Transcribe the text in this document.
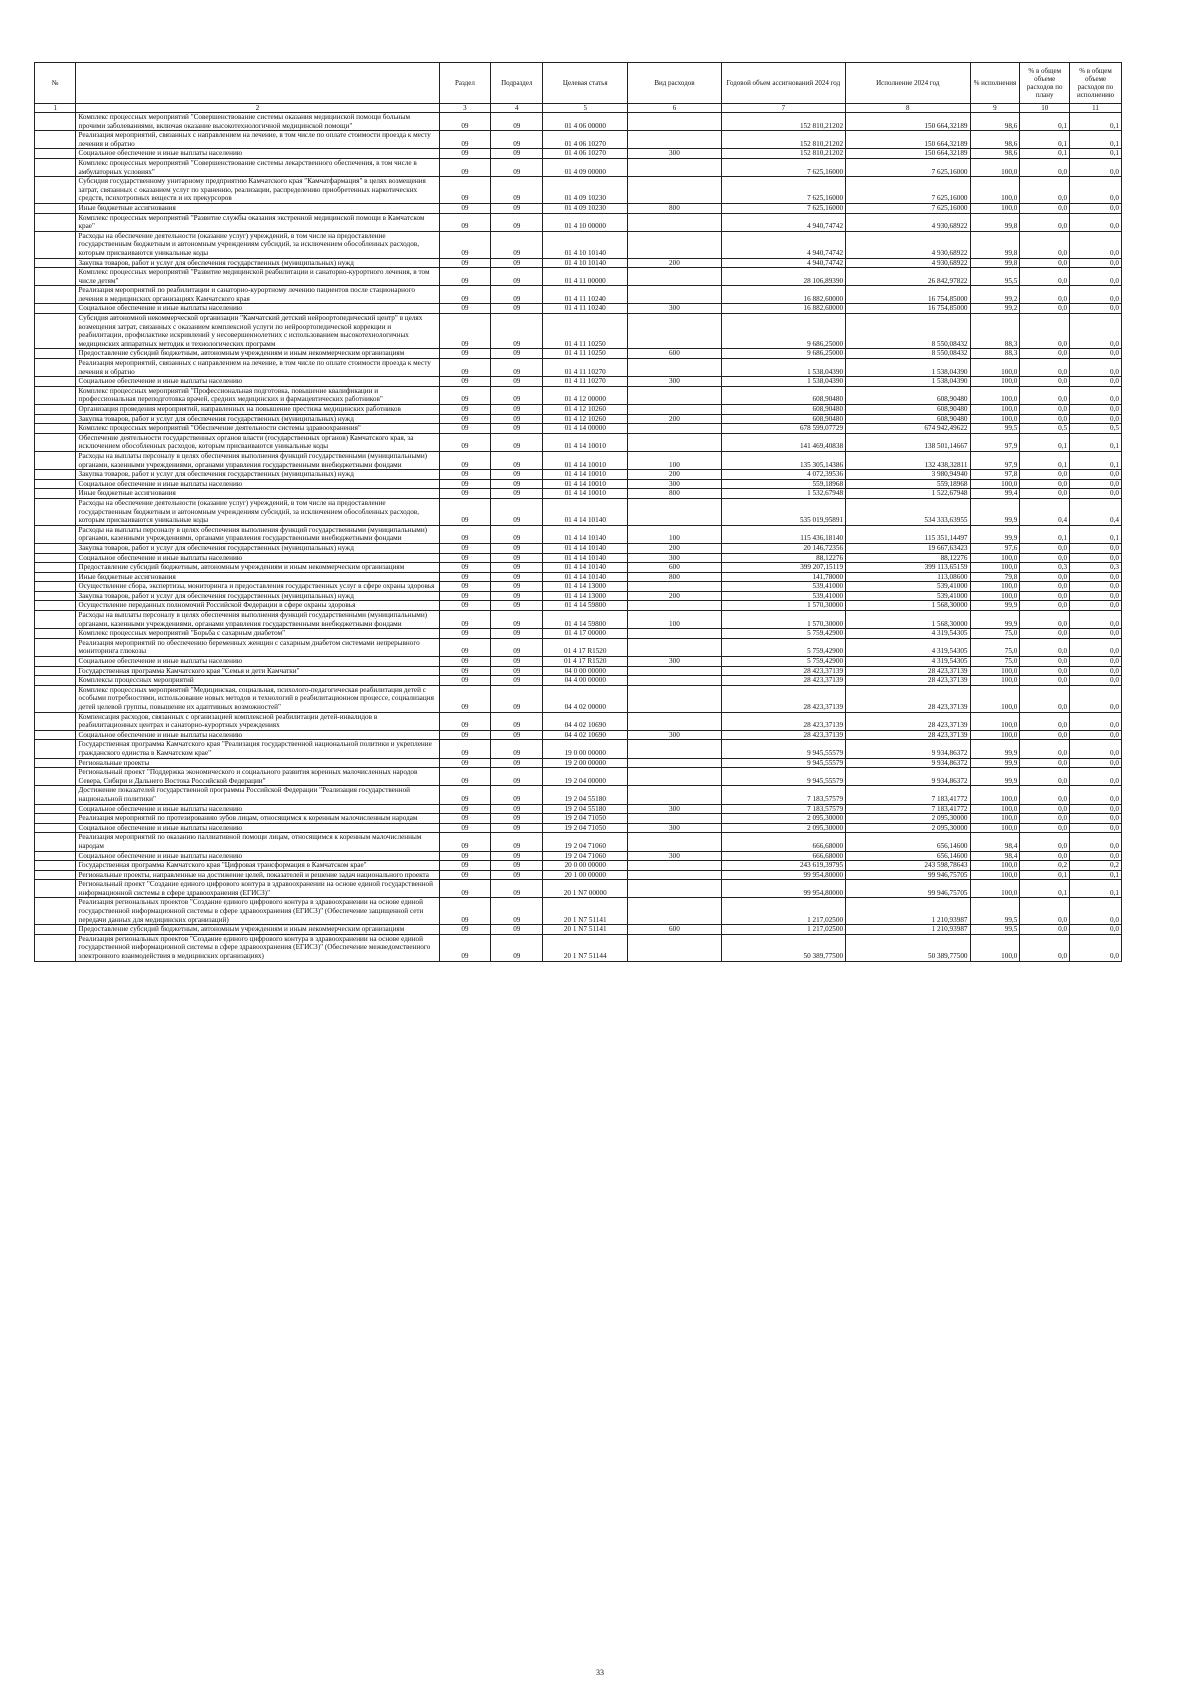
№		Раздел	Подраздел	Целевая статья	Вид расходов	Годовой объем ассигнований 2024 год	Исполнение 2024 год	% исполнения	% в общем объеме расходов по плану	% в общем объеме расходов по исполнению
1	2	3	4	5	6	7	8	9	10	11
	Комплекс процессных мероприятий "Совершенствование системы оказания медицинской помощи больным прочими заболеваниями, включая оказание высокотехнологичной медицинской помощи"	09	09	01 4 06 00000		152 810,21202	150 664,32189	98,6	0,1	0,1
	Реализация мероприятий, связанных с направлением на лечение, в том числе по оплате стоимости проезда к месту лечения и обратно	09	09	01 4 06 10270		152 810,21202	150 664,32189	98,6	0,1	0,1
	Социальное обеспечение и иные выплаты населению	09	09	01 4 06 10270	300	152 810,21202	150 664,32189	98,6	0,1	0,1
	Комплекс процессных мероприятий "Совершенствование системы лекарственного обеспечения, в том числе в амбулаторных условиях"	09	09	01 4 09 00000		7 625,16000	7 625,16000	100,0	0,0	0,0
	Субсидия государственному унитарному предприятию Камчатского края "Камчатфармация" в целях возмещения затрат, связанных с оказанием услуг по хранению, реализации, распределению приобретенных наркотических средств, психотропных веществ и их прекурсоров	09	09	01 4 09 10230		7 625,16000	7 625,16000	100,0	0,0	0,0
	Иные бюджетные ассигнования	09	09	01 4 09 10230	800	7 625,16000	7 625,16000	100,0	0,0	0,0
	Комплекс процессных мероприятий "Развитие службы оказания экстренной медицинской помощи в Камчатском крае"	09	09	01 4 10 00000		4 940,74742	4 930,68922	99,8	0,0	0,0
	Расходы на обеспечение деятельности (оказание услуг) учреждений, в том числе на предоставление государственным бюджетным и автономным учреждениям субсидий, за исключением обособленных расходов, которым присваиваются уникальные коды	09	09	01 4 10 10140		4 940,74742	4 930,68922	99,8	0,0	0,0
	Закупка товаров, работ и услуг для обеспечения государственных (муниципальных) нужд	09	09	01 4 10 10140	200	4 940,74742	4 930,68922	99,8	0,0	0,0
	Комплекс процессных мероприятий "Развитие медицинской реабилитации и санаторно-курортного лечения, в том числе детям"	09	09	01 4 11 00000		28 106,89390	26 842,97822	95,5	0,0	0,0
	Реализация мероприятий по реабилитации и санаторно-курортному лечению пациентов после стационарного лечения в медицинских организациях Камчатского края	09	09	01 4 11 10240		16 882,60000	16 754,85000	99,2	0,0	0,0
	Социальное обеспечение и иные выплаты населению	09	09	01 4 11 10240	300	16 882,60000	16 754,85000	99,2	0,0	0,0
	Субсидия автономной некоммерческой организации "Камчатский детский нейроортопедический центр" в целях возмещения затрат, связанных с оказанием комплексной услуги по нейроортопедической коррекции и реабилитации, профилактике искривлений у несовершеннолетних с использованием высокотехнологичных медицинских аппаратных методик и технологических программ	09	09	01 4 11 10250		9 686,25000	8 550,08432	88,3	0,0	0,0
	Предоставление субсидий бюджетным, автономным учреждениям и иным некоммерческим организациям	09	09	01 4 11 10250	600	9 686,25000	8 550,08432	88,3	0,0	0,0
	Реализация мероприятий, связанных с направлением на лечение, в том числе по оплате стоимости проезда к месту лечения и обратно	09	09	01 4 11 10270		1 538,04390	1 538,04390	100,0	0,0	0,0
	Социальное обеспечение и иные выплаты населению	09	09	01 4 11 10270	300	1 538,04390	1 538,04390	100,0	0,0	0,0
	Комплекс процессных мероприятий "Профессиональная подготовка, повышение квалификации и профессиональная переподготовка врачей, средних медицинских и фармацевтических работников"	09	09	01 4 12 00000		608,90480	608,90480	100,0	0,0	0,0
	Организация проведения мероприятий, направленных на повышение престижа медицинских работников	09	09	01 4 12 10260		608,90480	608,90480	100,0	0,0	0,0
	Закупка товаров, работ и услуг для обеспечения государственных (муниципальных) нужд	09	09	01 4 12 10260	200	608,90480	608,90480	100,0	0,0	0,0
	Комплекс процессных мероприятий "Обеспечение деятельности системы здравоохранения"	09	09	01 4 14 00000		678 599,07729	674 942,49622	99,5	0,5	0,5
	Обеспечение деятельности государственных органов власти (государственных органов) Камчатского края, за исключением обособленных расходов, которым присваиваются уникальные коды	09	09	01 4 14 10010		141 469,40838	138 501,14667	97,9	0,1	0,1
	Расходы на выплаты персоналу в целях обеспечения выполнения функций государственными (муниципальными) органами, казенными учреждениями, органами управления государственными внебюджетными фондами	09	09	01 4 14 10010	100	135 305,14386	132 438,32811	97,9	0,1	0,1
	Закупка товаров, работ и услуг для обеспечения государственных (муниципальных) нужд	09	09	01 4 14 10010	200	4 072,39536	3 980,94940	97,8	0,0	0,0
	Социальное обеспечение и иные выплаты населению	09	09	01 4 14 10010	300	559,18968	559,18968	100,0	0,0	0,0
	Иные бюджетные ассигнования	09	09	01 4 14 10010	800	1 532,67948	1 522,67948	99,4	0,0	0,0
	Расходы на обеспечение деятельности (оказание услуг) учреждений, в том числе на предоставление государственным бюджетным и автономным учреждениям субсидий, за исключением обособленных расходов, которым присваиваются уникальные коды	09	09	01 4 14 10140		535 019,95891	534 333,63955	99,9	0,4	0,4
	Расходы на выплаты персоналу в целях обеспечения выполнения функций государственными (муниципальными) органами, казенными учреждениями, органами управления государственными внебюджетными фондами	09	09	01 4 14 10140	100	115 436,18140	115 351,14497	99,9	0,1	0,1
	Закупка товаров, работ и услуг для обеспечения государственных (муниципальных) нужд	09	09	01 4 14 10140	200	20 146,72356	19 667,63423	97,6	0,0	0,0
	Социальное обеспечение и иные выплаты населению	09	09	01 4 14 10140	300	88,12276	88,12276	100,0	0,0	0,0
	Предоставление субсидий бюджетным, автономным учреждениям и иным некоммерческим организациям	09	09	01 4 14 10140	600	399 207,15119	399 113,65159	100,0	0,3	0,3
	Иные бюджетные ассигнования	09	09	01 4 14 10140	800	141,78000	113,08600	79,8	0,0	0,0
	Осуществление сбора, экспертизы, мониторинга и предоставления государственных услуг в сфере охраны здоровья	09	09	01 4 14 13000		539,41000	539,41000	100,0	0,0	0,0
	Закупка товаров, работ и услуг для обеспечения государственных (муниципальных) нужд	09	09	01 4 14 13000	200	539,41000	539,41000	100,0	0,0	0,0
	Осуществление переданных полномочий Российской Федерации в сфере охраны здоровья	09	09	01 4 14 59800		1 570,30000	1 568,30000	99,9	0,0	0,0
	Расходы на выплаты персоналу в целях обеспечения выполнения функций государственными (муниципальными) органами, казенными учреждениями, органами управления государственными внебюджетными фондами	09	09	01 4 14 59800	100	1 570,30000	1 568,30000	99,9	0,0	0,0
	Комплекс процессных мероприятий "Борьба с сахарным диабетом"	09	09	01 4 17 00000		5 759,42900	4 319,54305	75,0	0,0	0,0
	Реализация мероприятий по обеспечению беременных женщин с сахарным диабетом системами непрерывного мониторинга глюкозы	09	09	01 4 17 R1520		5 759,42900	4 319,54305	75,0	0,0	0,0
	Социальное обеспечение и иные выплаты населению	09	09	01 4 17 R1520	300	5 759,42900	4 319,54305	75,0	0,0	0,0
	Государственная программа Камчатского края "Семья и дети Камчатки"	09	09	04 0 00 00000		28 423,37139	28 423,37139	100,0	0,0	0,0
	Комплексы процессных мероприятий	09	09	04 4 00 00000		28 423,37139	28 423,37139	100,0	0,0	0,0
	Комплекс процессных мероприятий "Медицинская, социальная, психолого-педагогическая реабилитация детей с особыми потребностями, использование новых методов и технологий в реабилитационном процессе, социализация детей целевой группы, повышение их адаптивных возможностей"	09	09	04 4 02 00000		28 423,37139	28 423,37139	100,0	0,0	0,0
	Компенсация расходов, связанных с организацией комплексной реабилитации детей-инвалидов в реабилитационных центрах и санаторно-курортных учреждениях	09	09	04 4 02 10690		28 423,37139	28 423,37139	100,0	0,0	0,0
	Социальное обеспечение и иные выплаты населению	09	09	04 4 02 10690	300	28 423,37139	28 423,37139	100,0	0,0	0,0
	Государственная программа Камчатского края "Реализация государственной национальной политики и укрепление гражданского единства в Камчатском крае"	09	09	19 0 00 00000		9 945,55579	9 934,86372	99,9	0,0	0,0
	Региональные проекты	09	09	19 2 00 00000		9 945,55579	9 934,86372	99,9	0,0	0,0
	Региональный проект "Поддержка экономического и социального развития коренных малочисленных народов Севера, Сибири и Дальнего Востока Российской Федерации"	09	09	19 2 04 00000		9 945,55579	9 934,86372	99,9	0,0	0,0
	Достижение показателей государственной программы Российской Федерации "Реализация государственной национальной политики"	09	09	19 2 04 55180		7 183,57579	7 183,41772	100,0	0,0	0,0
	Социальное обеспечение и иные выплаты населению	09	09	19 2 04 55180	300	7 183,57579	7 183,41772	100,0	0,0	0,0
	Реализация мероприятий по протезированию зубов лицам, относящимся к коренным малочисленным народам	09	09	19 2 04 71050		2 095,30000	2 095,30000	100,0	0,0	0,0
	Социальное обеспечение и иные выплаты населению	09	09	19 2 04 71050	300	2 095,30000	2 095,30000	100,0	0,0	0,0
	Реализация мероприятий по оказанию паллиативной помощи лицам, относящимся к коренным малочисленным народам	09	09	19 2 04 71060		666,68000	656,14600	98,4	0,0	0,0
	Социальное обеспечение и иные выплаты населению	09	09	19 2 04 71060	300	666,68000	656,14600	98,4	0,0	0,0
	Государственная программа Камчатского края "Цифровая трансформация в Камчатском крае"	09	09	20 0 00 00000		243 619,39795	243 598,78643	100,0	0,2	0,2
	Региональные проекты, направленные на достижение целей, показателей и решение задач национального проекта	09	09	20 1 00 00000		99 954,80000	99 946,75705	100,0	0,1	0,1
	Региональный проект "Создание единого цифрового контура в здравоохранении на основе единой государственной информационной системы в сфере здравоохранения (ЕГИСЗ)"	09	09	20 1 N7 00000		99 954,80000	99 946,75705	100,0	0,1	0,1
	Реализация региональных проектов "Создание единого цифрового контура в здравоохранении на основе единой государственной информационной системы в сфере здравоохранения (ЕГИСЗ)" (Обеспечение защищенной сети передачи данных для медицинских организаций)	09	09	20 1 N7 51141		1 217,02500	1 210,93987	99,5	0,0	0,0
	Предоставление субсидий бюджетным, автономным учреждениям и иным некоммерческим организациям	09	09	20 1 N7 51141	600	1 217,02500	1 210,93987	99,5	0,0	0,0
	Реализация региональных проектов "Создание единого цифрового контура в здравоохранении на основе единой государственной информационной системы в сфере здравоохранения (ЕГИСЗ)" (Обеспечение межведомственного электронного взаимодействия в медицинских организациях)	09	09	20 1 N7 51144		50 389,77500	50 389,77500	100,0	0,0	0,0
33
